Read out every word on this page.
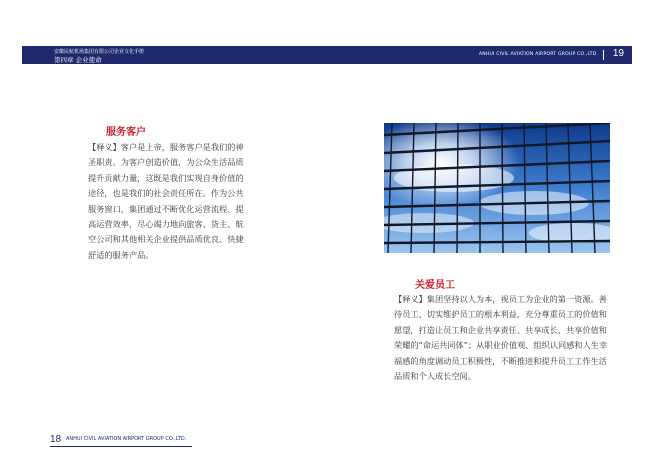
安徽民航机场集团有限公司企业文化手册
第四章 企业使命
ANHUI CIVIL AVIATION AIRPORT GROUP CO.,LTD. 19
服务客户

【释义】客户是上帝，服务客户是我们的神圣职责。为客户创造价值，为公众生活品质提升贡献力量，这既是我们实现自身价值的途径，也是我们的社会责任所在。作为公共服务窗口，集团通过不断优化运营流程、提高运营效率，尽心竭力地向旅客、货主、航空公司和其他相关企业提供品质优良、快捷舒适的服务产品。

关爱员工

【释义】集团坚持以人为本，视员工为企业的第一资源。善待员工、切实维护员工的根本利益，充分尊重员工的价值和愿望，打造让员工和企业共享责任、共享成长、共享价值和荣耀的“命运共同体”；从职业价值观、组织认同感和人生幸福感的角度调动员工积极性，不断推进和提升员工工作生活品质和个人成长空间。

18 ANHUI CIVIL AVIATION AIRPORT GROUP CO.,LTD.
